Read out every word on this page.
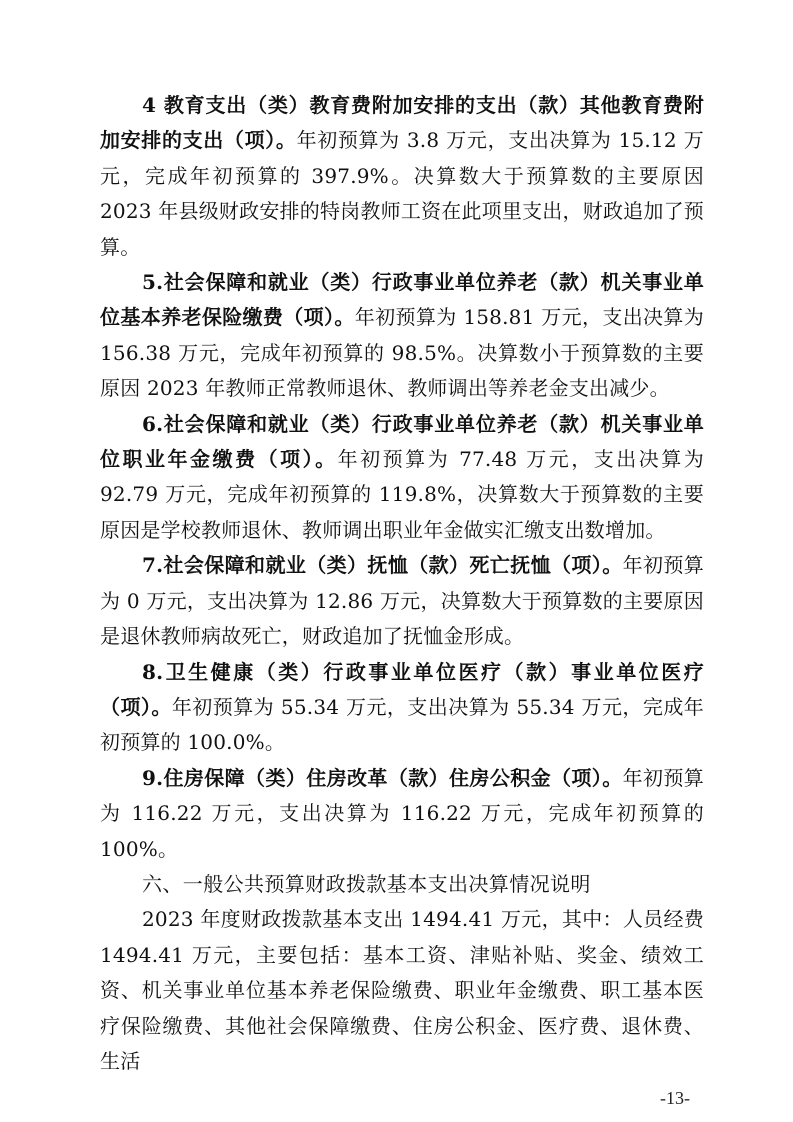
4 教育支出（类）教育费附加安排的支出（款）其他教育费附加安排的支出（项）。年初预算为 3.8 万元，支出决算为 15.12 万元，完成年初预算的 397.9%。决算数大于预算数的主要原因 2023 年县级财政安排的特岗教师工资在此项里支出，财政追加了预算。

5.社会保障和就业（类）行政事业单位养老（款）机关事业单位基本养老保险缴费（项）。年初预算为 158.81 万元，支出决算为 156.38 万元，完成年初预算的 98.5%。决算数小于预算数的主要原因 2023 年教师正常教师退休、教师调出等养老金支出减少。

6.社会保障和就业（类）行政事业单位养老（款）机关事业单位职业年金缴费（项）。年初预算为 77.48 万元，支出决算为 92.79 万元，完成年初预算的 119.8%，决算数大于预算数的主要原因是学校教师退休、教师调出职业年金做实汇缴支出数增加。

7.社会保障和就业（类）抚恤（款）死亡抚恤（项）。年初预算为 0 万元，支出决算为 12.86 万元，决算数大于预算数的主要原因是退休教师病故死亡，财政追加了抚恤金形成。

8.卫生健康（类）行政事业单位医疗（款）事业单位医疗（项）。年初预算为 55.34 万元，支出决算为 55.34 万元，完成年初预算的 100.0%。

9.住房保障（类）住房改革（款）住房公积金（项）。年初预算为 116.22 万元，支出决算为 116.22 万元，完成年初预算的 100%。

六、一般公共预算财政拨款基本支出决算情况说明

2023 年度财政拨款基本支出 1494.41 万元，其中：人员经费 1494.41 万元，主要包括：基本工资、津贴补贴、奖金、绩效工资、机关事业单位基本养老保险缴费、职业年金缴费、职工基本医疗保险缴费、其他社会保障缴费、住房公积金、医疗费、退休费、生活

-13-
